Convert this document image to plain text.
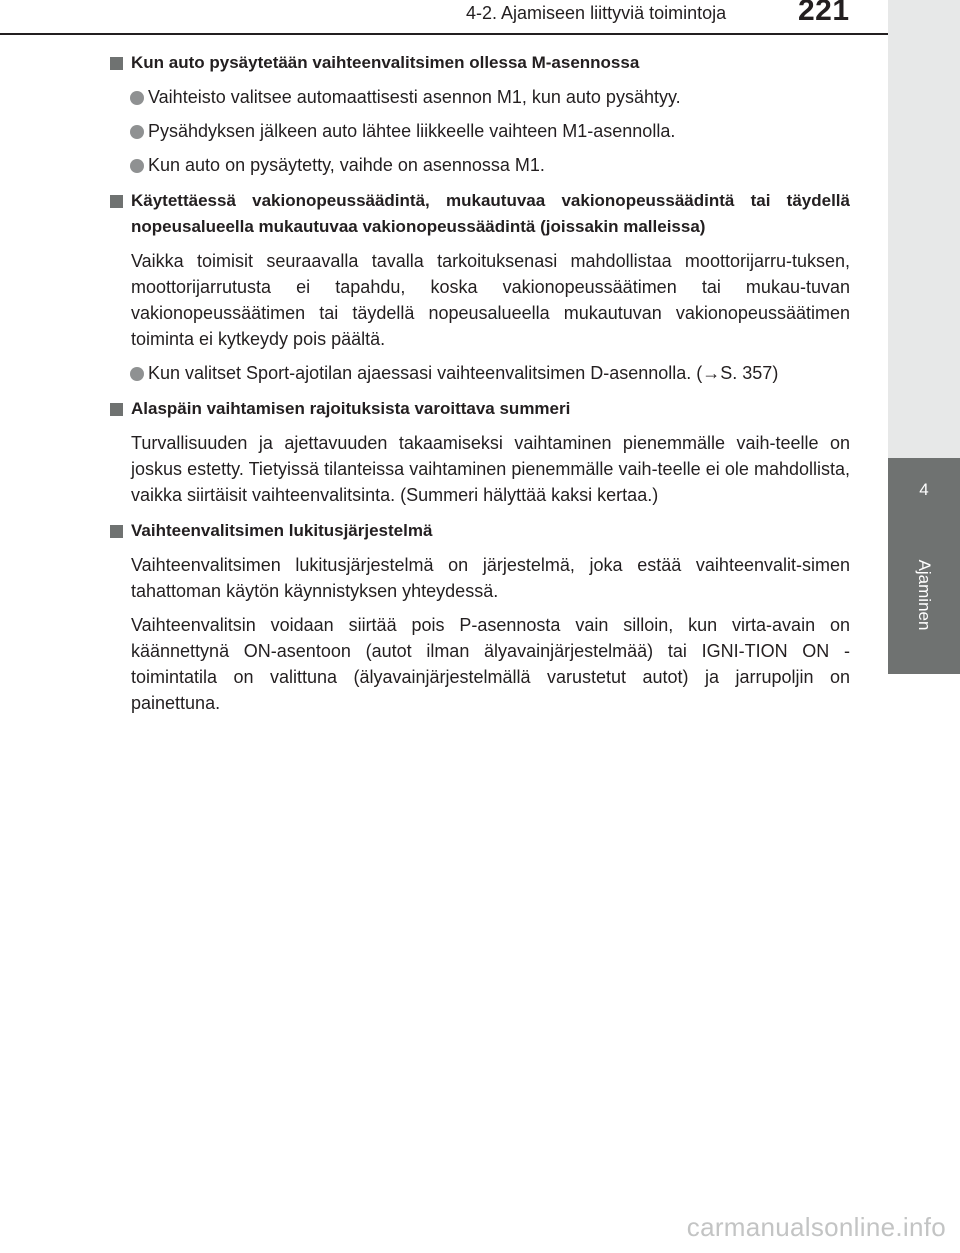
4-2. Ajamiseen liittyviä toimintoja	221
4
Ajaminen
Kun auto pysäytetään vaihteenvalitsimen ollessa M-asennossa
Vaihteisto valitsee automaattisesti asennon M1, kun auto pysähtyy.
Pysähdyksen jälkeen auto lähtee liikkeelle vaihteen M1-asennolla.
Kun auto on pysäytetty, vaihde on asennossa M1.
Käytettäessä vakionopeussäädintä, mukautuvaa vakionopeussäädintä tai täydellä nopeusalueella mukautuvaa vakionopeussäädintä (joissakin malleissa)
Vaikka toimisit seuraavalla tavalla tarkoituksenasi mahdollistaa moottorijarru-tuksen, moottorijarrutusta ei tapahdu, koska vakionopeussäätimen tai mukau-tuvan vakionopeussäätimen tai täydellä nopeusalueella mukautuvan vakionopeussäätimen toiminta ei kytkeydy pois päältä.
Kun valitset Sport-ajotilan ajaessasi vaihteenvalitsimen D-asennolla. (→S. 357)
Alaspäin vaihtamisen rajoituksista varoittava summeri
Turvallisuuden ja ajettavuuden takaamiseksi vaihtaminen pienemmälle vaih-teelle on joskus estetty. Tietyissä tilanteissa vaihtaminen pienemmälle vaih-teelle ei ole mahdollista, vaikka siirtäisit vaihteenvalitsinta. (Summeri hälyttää kaksi kertaa.)
Vaihteenvalitsimen lukitusjärjestelmä
Vaihteenvalitsimen lukitusjärjestelmä on järjestelmä, joka estää vaihteenvalit-simen tahattoman käytön käynnistyksen yhteydessä.
Vaihteenvalitsin voidaan siirtää pois P-asennosta vain silloin, kun virta-avain on käännettynä ON-asentoon (autot ilman älyavainjärjestelmää) tai IGNI-TION ON -toimintatila on valittuna (älyavainjärjestelmällä varustetut autot) ja jarrupoljin on painettuna.
carmanualsonline.info
